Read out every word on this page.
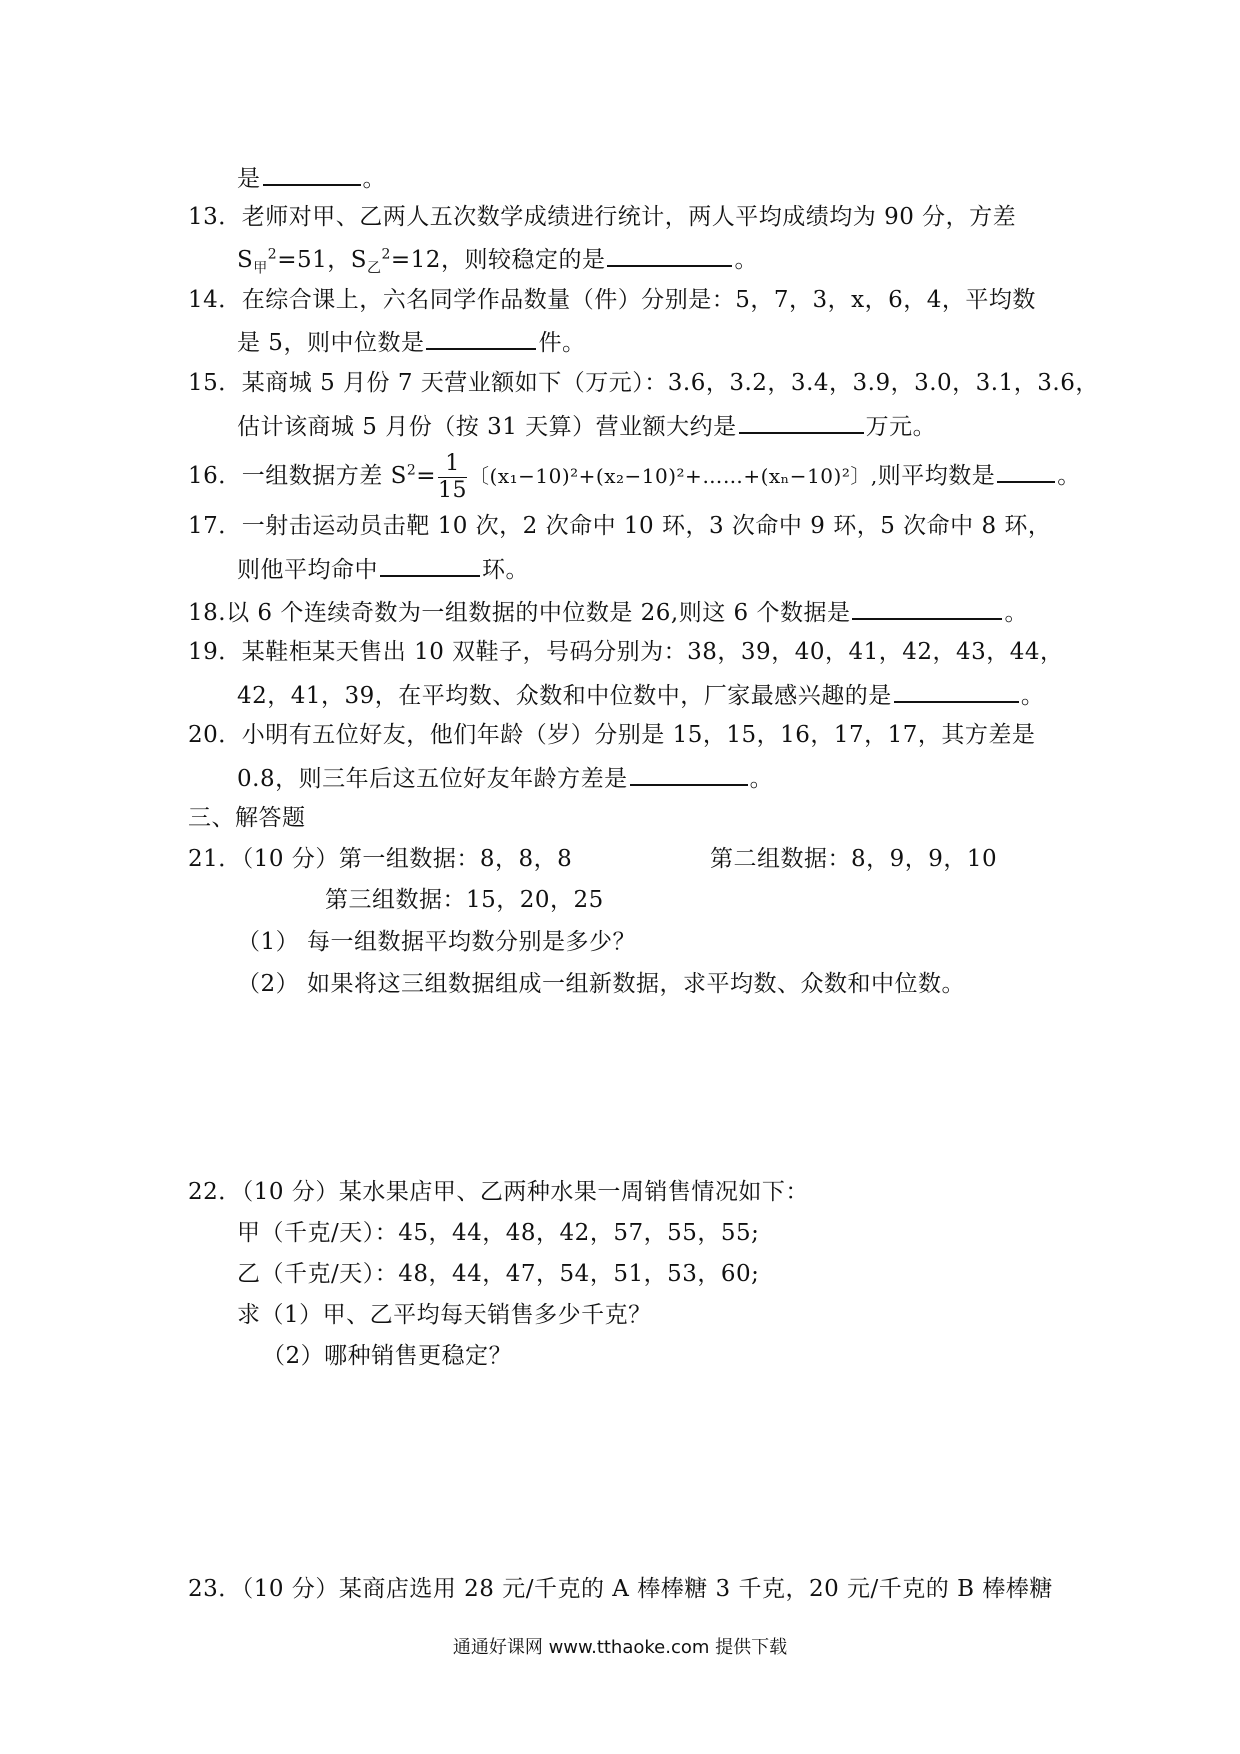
是	。
13．老师对甲、乙两人五次数学成绩进行统计，两人平均成绩均为 90 分，方差
$S_甲^2=51$，$S_乙^2=12$，则较稳定的是	。
14．在综合课上，六名同学作品数量（件）分别是：5，7，3，x，6，4，平均数
是 5，则中位数是	件。
15．某商城 5 月份 7 天营业额如下（万元）：3.6，3.2，3.4，3.9，3.0，3.1，3.6，
估计该商城 5 月份（按 31 天算）营业额大约是	万元。
16．一组数据方差 $S^2= \frac{1}{15}$ 〔(x₁−10)²+(x₂−10)²+……+(xₙ−10)²〕,则平均数是	。
17．一射击运动员击靶 10 次，2 次命中 10 环，3 次命中 9 环，5 次命中 8 环，
则他平均命中	环。
18.以 6 个连续奇数为一组数据的中位数是 26,则这 6 个数据是	。
19．某鞋柜某天售出 10 双鞋子，号码分别为：38，39，40，41，42，43，44，
42，41，39，在平均数、众数和中位数中，厂家最感兴趣的是	。
20．小明有五位好友，他们年龄（岁）分别是 15，15，16，17，17，其方差是
0.8，则三年后这五位好友年龄方差是	。
三、解答题
21．（10 分）第一组数据：8，8，8	第二组数据：8，9，9，10
第三组数据：15，20，25
（1） 每一组数据平均数分别是多少？
（2） 如果将这三组数据组成一组新数据，求平均数、众数和中位数。
22．（10 分）某水果店甲、乙两种水果一周销售情况如下：
甲（千克/天）：45，44，48，42，57，55，55;
乙（千克/天）：48，44，47，54，51，53，60;
求（1）甲、乙平均每天销售多少千克？
（2）哪种销售更稳定？
23．（10 分）某商店选用 28 元/千克的 A 棒棒糖 3 千克，20 元/千克的 B 棒棒糖
通通好课网 www.tthaoke.com 提供下载
